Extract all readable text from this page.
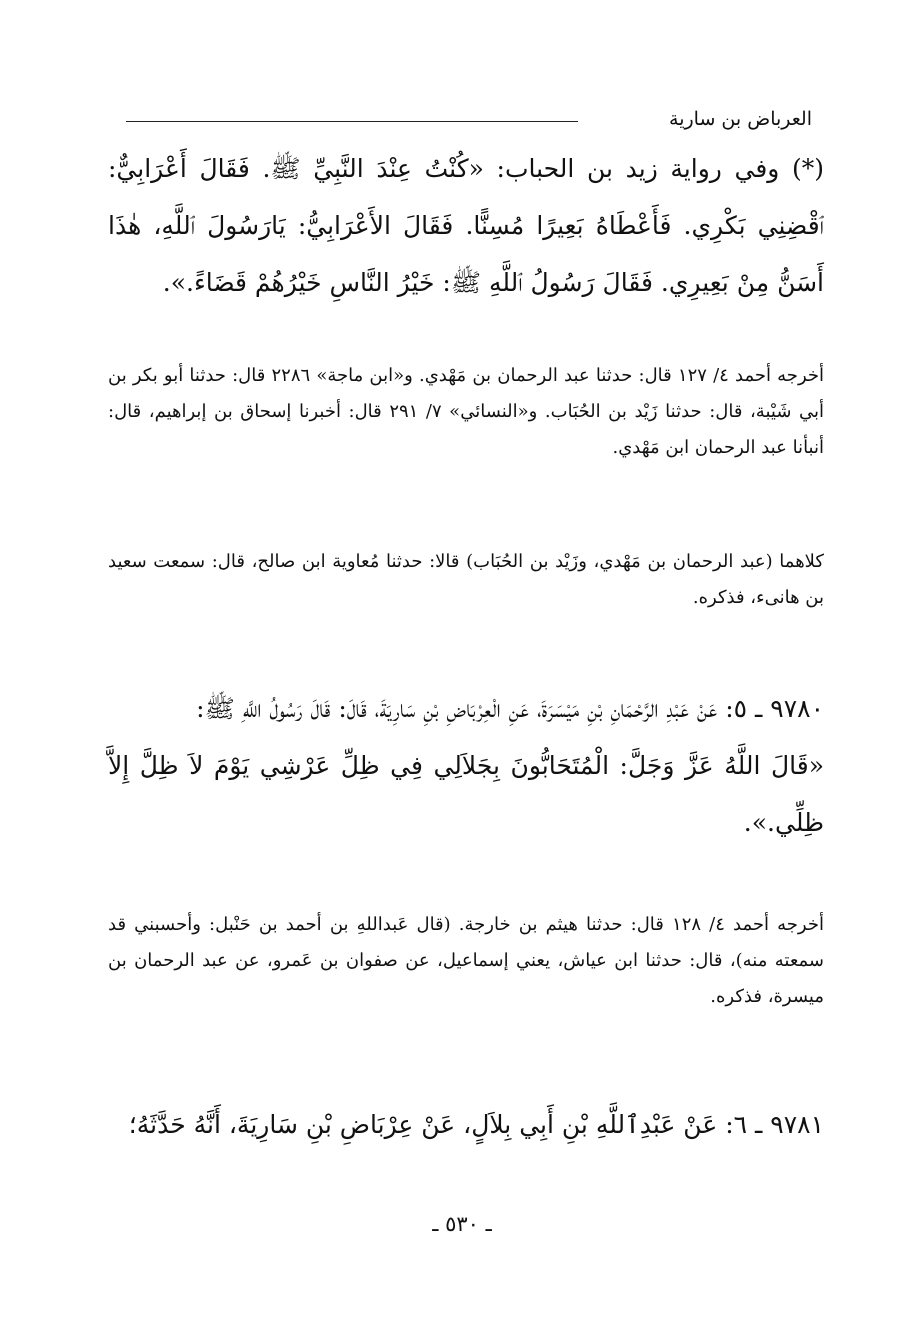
العرباض بن سارية
(*) وفي رواية زيد بن الحباب: «كُنْتُ عِنْدَ النَّبِيِّ ﷺ. فَقَالَ أَعْرَابِيٌّ: ٱقْضِنِي بَكْرِي. فَأَعْطَاهُ بَعِيرًا مُسِنًّا. فَقَالَ الأَعْرَابِيُّ: يَارَسُولَ ٱللَّهِ، هٰذَا أَسَنُّ مِنْ بَعِيرِي. فَقَالَ رَسُولُ ٱللَّهِ ﷺ: خَيْرُ النَّاسِ خَيْرُهُمْ قَضَاءً.».
أخرجه أحمد ٤/ ١٢٧ قال: حدثنا عبد الرحمان بن مَهْدي. و«ابن ماجة» ٢٢٨٦ قال: حدثنا أبو بكر بن أبي شَيْبة، قال: حدثنا زَيْد بن الحُبَاب. و«النسائي» ٧/ ٢٩١ قال: أخبرنا إسحاق بن إبراهيم، قال: أنبأنا عبد الرحمان ابن مَهْدي.
كلاهما (عبد الرحمان بن مَهْدي، وزَيْد بن الحُبَاب) قالا: حدثنا مُعاوية ابن صالح، قال: سمعت سعيد بن هانىء، فذكره.

٩٧٨٠ ـ ٥: عَنْ عَبْدِ الرَّحْمَانِ بْنِ مَيْسَرَةَ، عَنِ الْعِرْبَاضِ بْنِ سَارِيَةَ، قَالَ: قَالَ رَسُولُ اللَّهِ ﷺ:

«قَالَ اللَّهُ عَزَّ وَجَلَّ: الْمُتَحَابُّونَ بِجَلاَلِي فِي ظِلِّ عَرْشِي يَوْمَ لاَ ظِلَّ إِلاَّ ظِلِّي.».

أخرجه أحمد ٤/ ١٢٨ قال: حدثنا هيثم بن خارجة. (قال عَبداللهِ بن أحمد بن حَنْبل: وأحسبني قد سمعته منه)، قال: حدثنا ابن عياش، يعني إسماعيل، عن صفوان بن عَمرو، عن عبد الرحمان بن ميسرة، فذكره.
٩٧٨١ ـ ٦: عَنْ عَبْدِٱللَّهِ بْنِ أَبِي بِلاَلٍ، عَنْ عِرْبَاضِ بْنِ سَارِيَةَ، أَنَّهُ حَدَّثَهُ؛
ـ ٥٣٠ ـ
